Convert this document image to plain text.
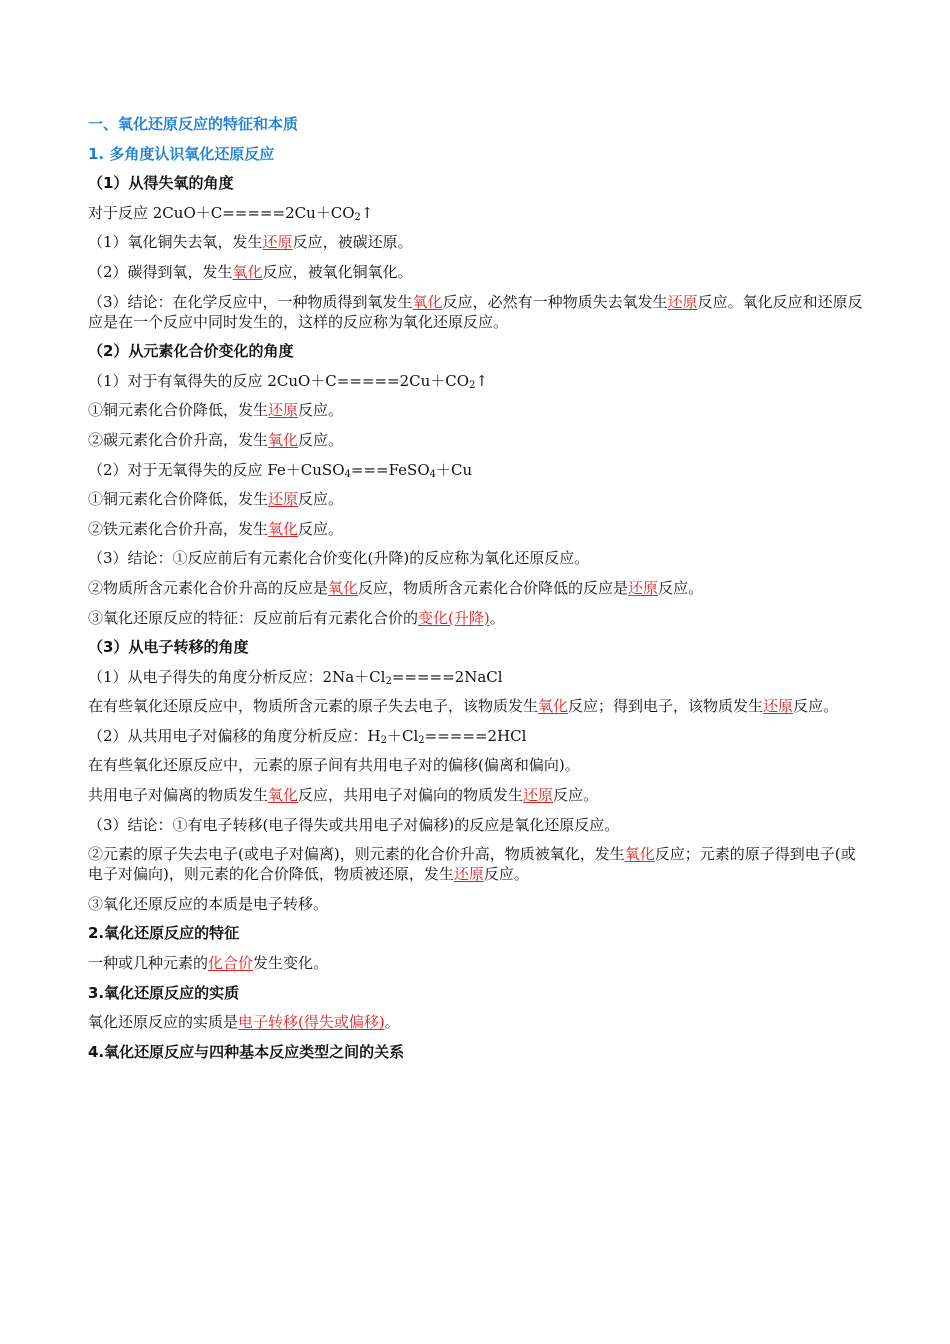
一、氧化还原反应的特征和本质
1. 多角度认识氧化还原反应
（1）从得失氧的角度
对于反应 $2CuO+C=====2Cu+CO_2↑$
（1）氧化铜失去氧，发生还原反应，被碳还原。
（2）碳得到氧，发生氧化反应，被氧化铜氧化。
（3）结论：在化学反应中，一种物质得到氧发生氧化反应，必然有一种物质失去氧发生还原反应。氧化反应和还原反应是在一个反应中同时发生的，这样的反应称为氧化还原反应。
（2）从元素化合价变化的角度
（1）对于有氧得失的反应 $2CuO+C=====2Cu+CO_2↑$
①铜元素化合价降低，发生还原反应。
②碳元素化合价升高，发生氧化反应。
（2）对于无氧得失的反应 Fe＋CuSO$_4$===FeSO$_4$＋Cu
①铜元素化合价降低，发生还原反应。
②铁元素化合价升高，发生氧化反应。
（3）结论：①反应前后有元素化合价变化(升降)的反应称为氧化还原反应。
②物质所含元素化合价升高的反应是氧化反应，物质所含元素化合价降低的反应是还原反应。
③氧化还原反应的特征：反应前后有元素化合价的变化(升降)。
（3）从电子转移的角度
（1）从电子得失的角度分析反应：$2Na+Cl_2=====2NaCl$
在有些氧化还原反应中，物质所含元素的原子失去电子，该物质发生氧化反应；得到电子，该物质发生还原反应。
（2）从共用电子对偏移的角度分析反应：$H_2+Cl_2=====2HCl$
在有些氧化还原反应中，元素的原子间有共用电子对的偏移(偏离和偏向)。
共用电子对偏离的物质发生氧化反应，共用电子对偏向的物质发生还原反应。
（3）结论：①有电子转移(电子得失或共用电子对偏移)的反应是氧化还原反应。
②元素的原子失去电子(或电子对偏离)，则元素的化合价升高，物质被氧化，发生氧化反应；元素的原子得到电子(或电子对偏向)，则元素的化合价降低，物质被还原，发生还原反应。
③氧化还原反应的本质是电子转移。
2.氧化还原反应的特征
一种或几种元素的化合价发生变化。
3.氧化还原反应的实质
氧化还原反应的实质是电子转移(得失或偏移)。
4.氧化还原反应与四种基本反应类型之间的关系
